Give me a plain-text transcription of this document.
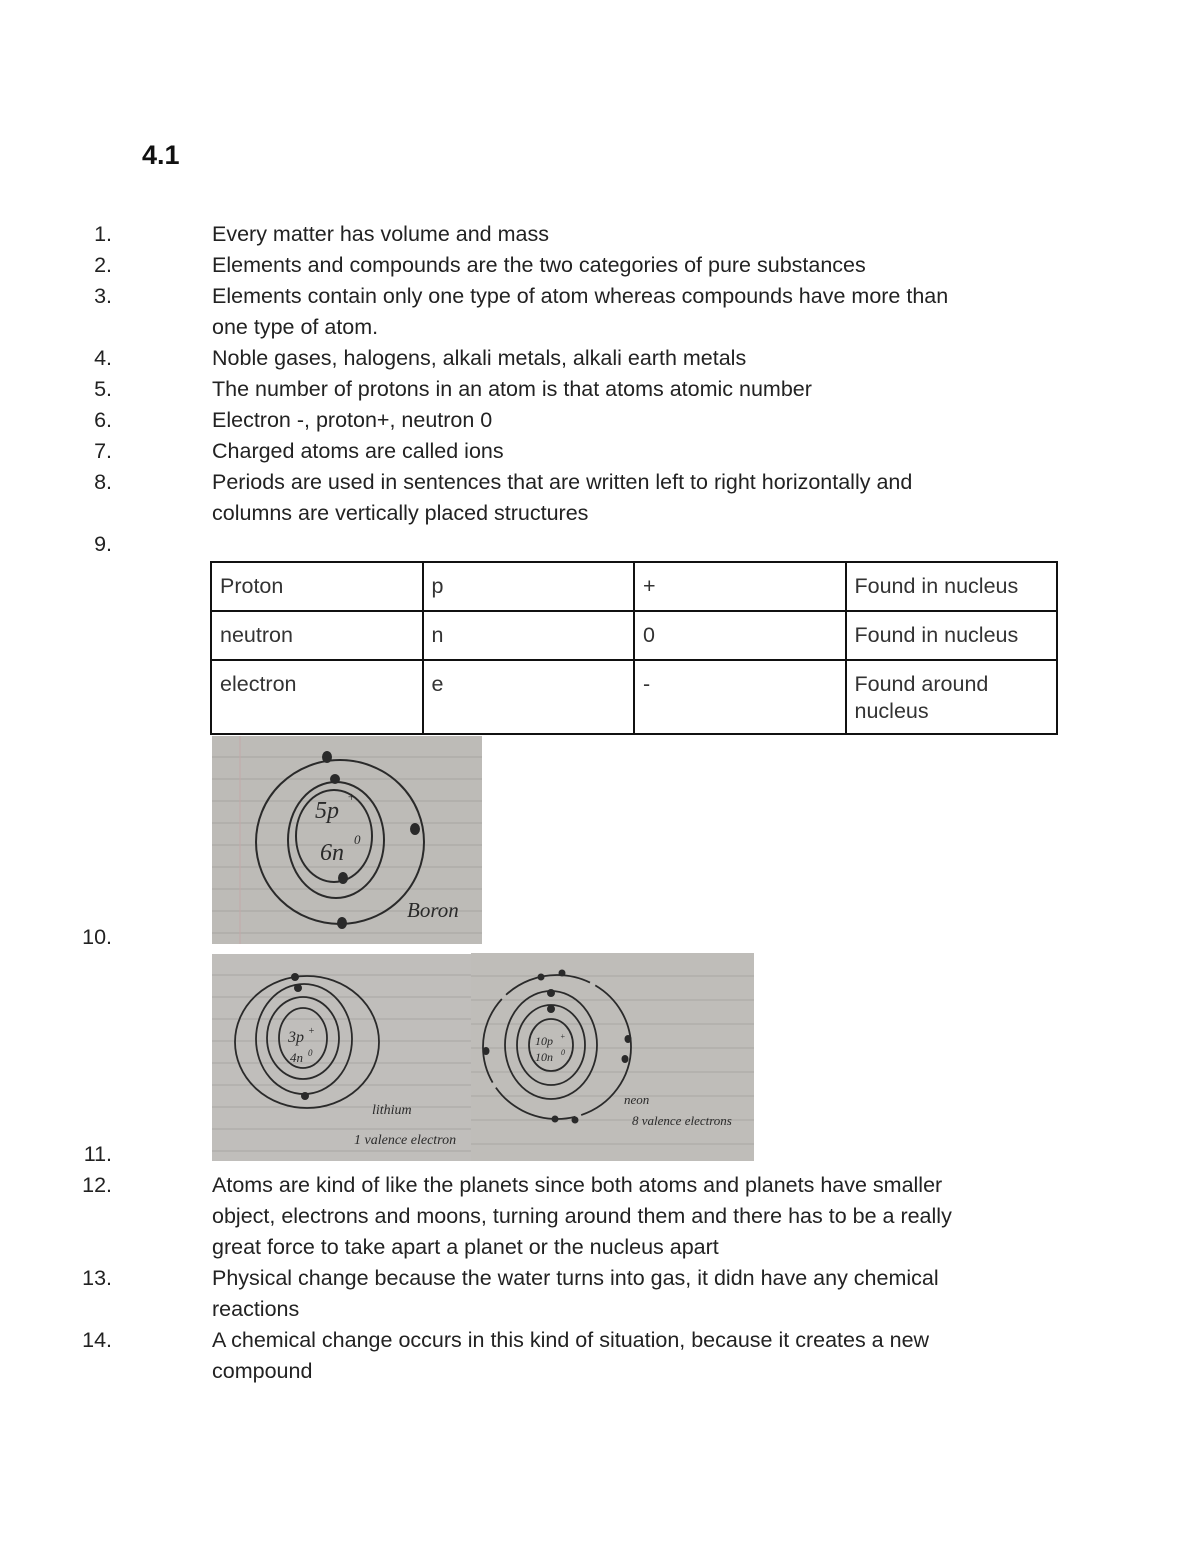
4.1
1.	Every matter has volume and mass
2.	Elements and compounds are the two categories of pure substances
3.	Elements contain only one type of atom whereas compounds have more than
one type of atom.
4.	Noble gases, halogens, alkali metals, alkali earth metals
5.	The number of protons in an atom is that atoms atomic number
6.	Electron -, proton+, neutron 0
7.	Charged atoms are called ions
8.	Periods are used in sentences that are written left to right horizontally and
columns are vertically placed structures
9.
Proton	p	+	Found in nucleus
neutron	n	0	Found in nucleus
electron	e	-	Found around
nucleus
5p
+
6n
0
Boron
10.
3p +
4n 0
lithium
1 valence electron
10p +
10n 0
neon
8 valence electrons
11.
12.	Atoms are kind of like the planets since both atoms and planets have smaller
object, electrons and moons, turning around them and there has to be a really
great force to take apart a planet or the nucleus apart
13.	Physical change because the water turns into gas, it didn have any chemical
reactions
14.	A chemical change occurs in this kind of situation, because it creates a new
compound
